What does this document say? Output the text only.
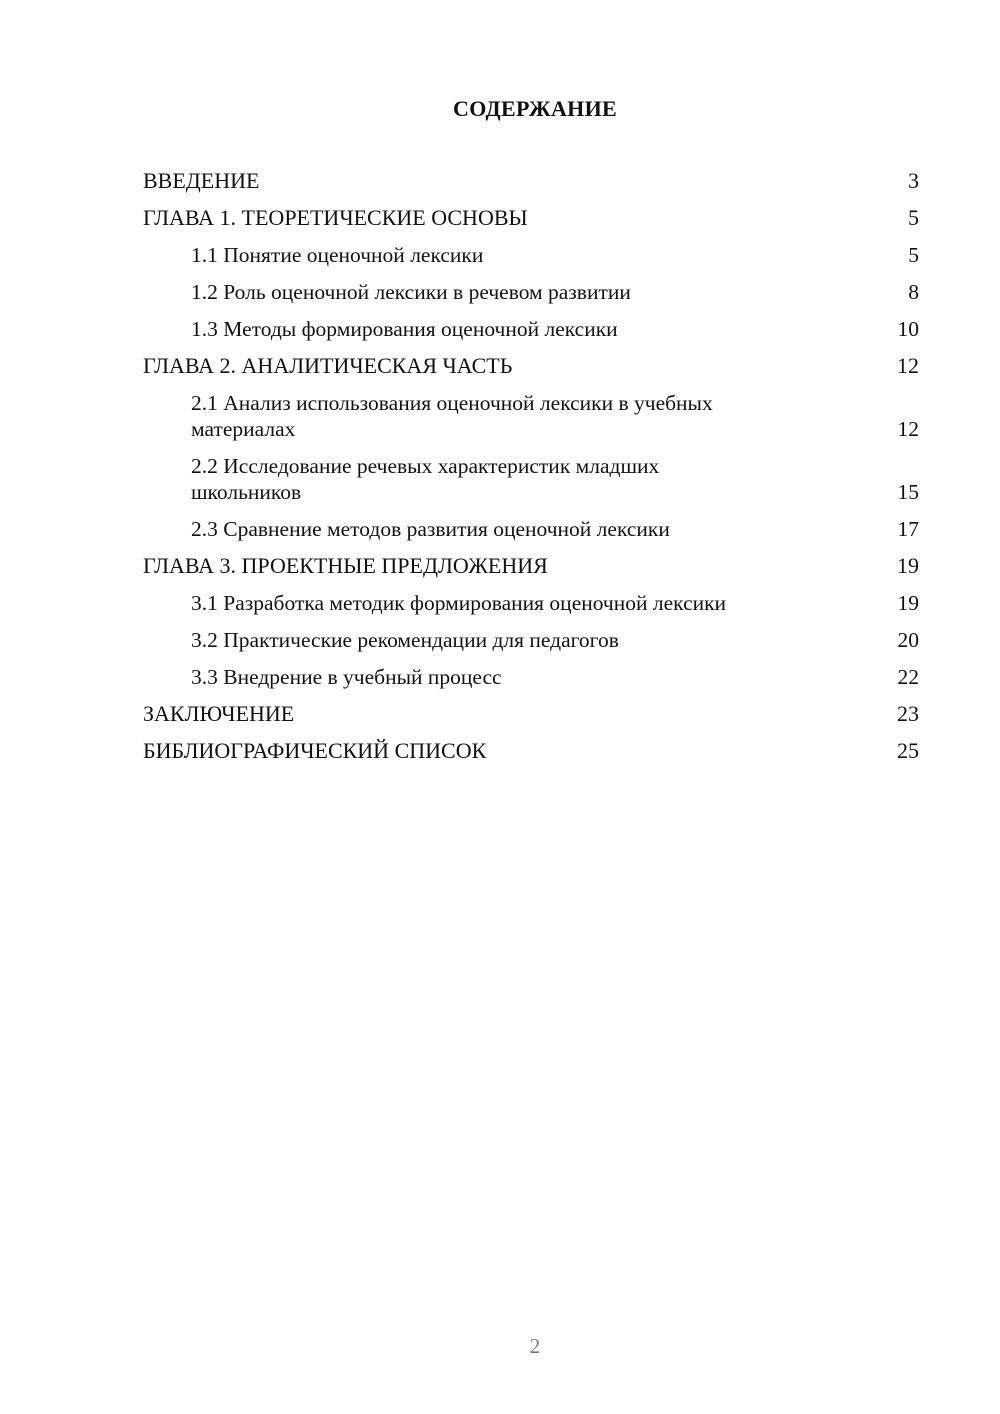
СОДЕРЖАНИЕ
ВВЕДЕНИЕ	3
ГЛАВА 1. ТЕОРЕТИЧЕСКИЕ ОСНОВЫ	5
1.1 Понятие оценочной лексики	5
1.2 Роль оценочной лексики в речевом развитии	8
1.3 Методы формирования оценочной лексики	10
ГЛАВА 2. АНАЛИТИЧЕСКАЯ ЧАСТЬ	12
2.1 Анализ использования оценочной лексики в учебных материалах	12
2.2 Исследование речевых характеристик младших школьников	15
2.3 Сравнение методов развития оценочной лексики	17
ГЛАВА 3. ПРОЕКТНЫЕ ПРЕДЛОЖЕНИЯ	19
3.1 Разработка методик формирования оценочной лексики	19
3.2 Практические рекомендации для педагогов	20
3.3 Внедрение в учебный процесс	22
ЗАКЛЮЧЕНИЕ	23
БИБЛИОГРАФИЧЕСКИЙ СПИСОК	25
2
